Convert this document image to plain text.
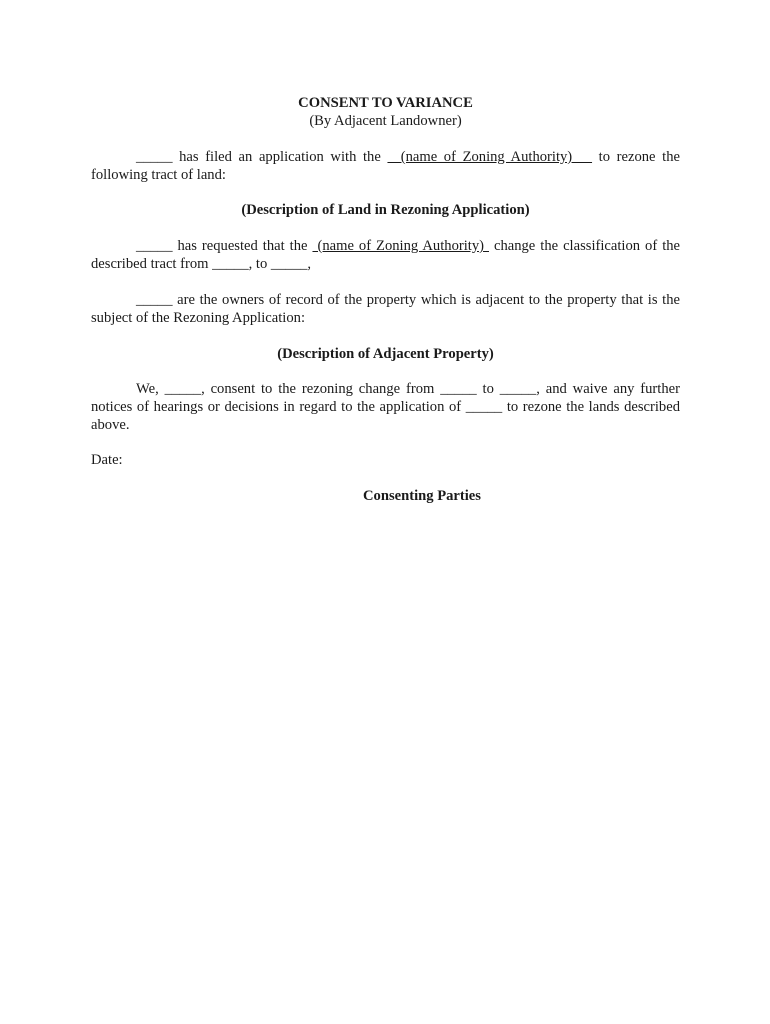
CONSENT TO VARIANCE
(By Adjacent Landowner)
_____ has filed an application with the   (name of Zoning Authority)    to rezone the following tract of land:
(Description of Land in Rezoning Application)
_____ has requested that the  (name of Zoning Authority)  change the classification of the described tract from _____, to _____,
_____ are the owners of record of the property which is adjacent to the property that is the subject of the Rezoning Application:
(Description of Adjacent Property)
We, _____, consent to the rezoning change from _____ to _____, and waive any further notices of hearings or decisions in regard to the application of _____ to rezone the lands described above.
Date:
Consenting Parties
